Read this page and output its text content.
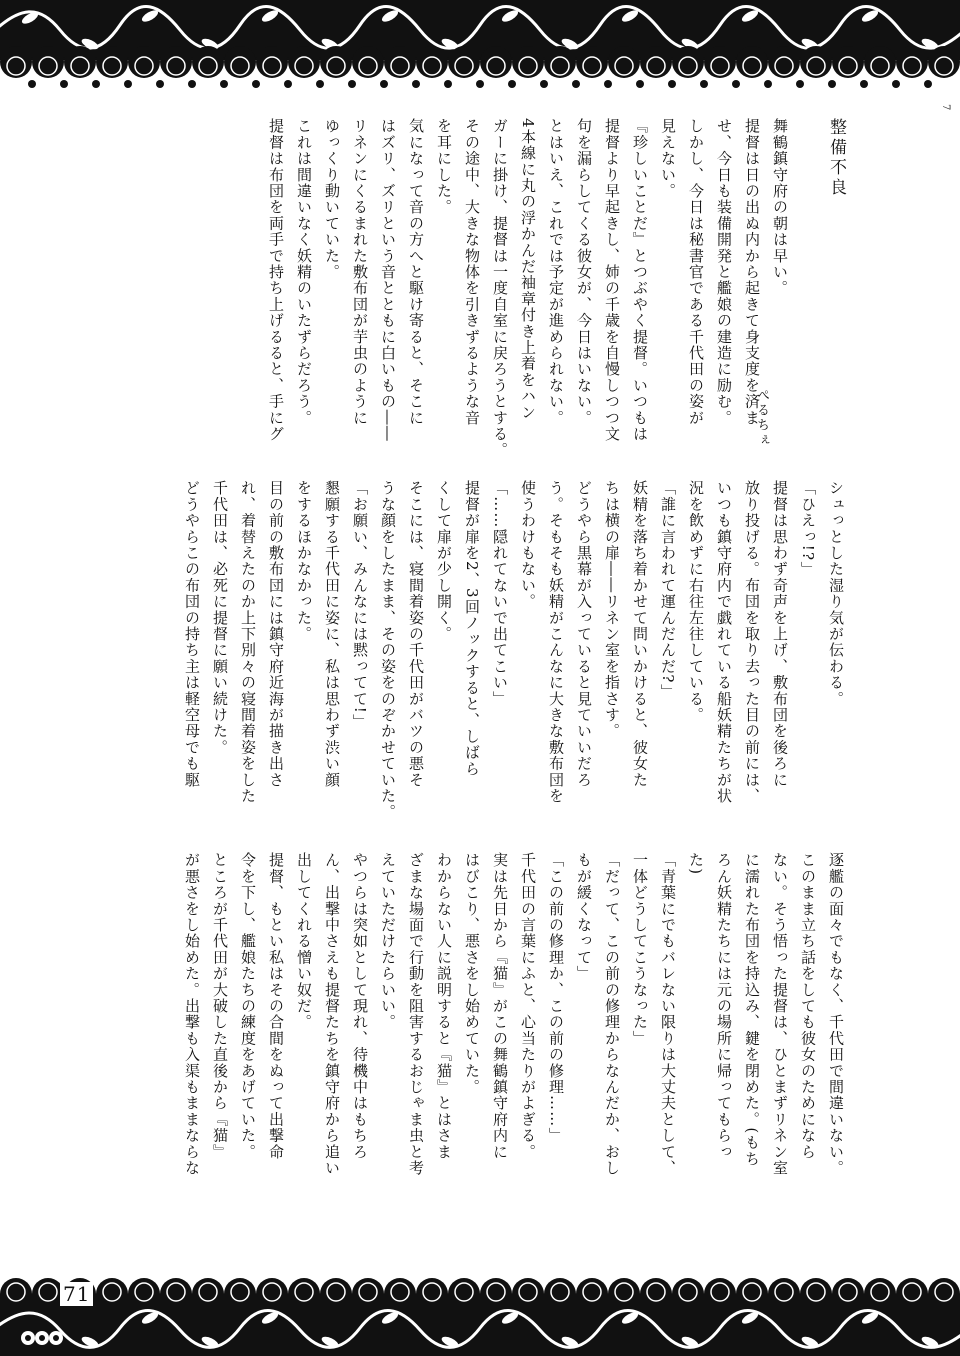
7

整備不良

舞鶴鎮守府の朝は早い。

提督は日の出ぬ内から起きて身支度を済ま

せ、今日も装備開発と艦娘の建造に励む。

しかし、今日は秘書官である千代田の姿が

見えない。

『珍しいことだ』とつぶやく提督。いつもは

提督より早起きし、姉の千歳を自慢しつつ文

句を漏らしてくる彼女が、今日はいない。

とはいえ、これでは予定が進められない。

4本線に丸の浮かんだ袖章付き上着をハン

ガーに掛け、提督は一度自室に戻ろうとする。

その途中、大きな物体を引きずるような音

を耳にした。

気になって音の方へと駆け寄ると、そこに

はズリ、ズリという音とともに白いもの――

リネンにくるまれた敷布団が芋虫のように

ゆっくり動いていた。

これは間違いなく妖精のいたずらだろう。

提督は布団を両手で持ち上げるると、手にグ	ぺるちぇ

シュっとした湿り気が伝わる。

「ひえっ!?」

提督は思わず奇声を上げ、敷布団を後ろに

放り投げる。布団を取り去った目の前には、

いつも鎮守府内で戯れている船妖精たちが状

況を飲めずに右往左往している。

「誰に言われて運んだんだ?」

妖精を落ち着かせて問いかけると、彼女た

ちは横の扉――リネン室を指さす。

どうやら黒幕が入っていると見ていいだろ

う。そもそも妖精がこんなに大きな敷布団を

使うわけもない。

「……隠れてないで出てこい」

提督が扉を2、3回ノックすると、しばら

くして扉が少し開く。

そこには、寝間着姿の千代田がバツの悪そ

うな顔をしたまま、その姿をのぞかせていた。

「お願い、みんなには黙ってて!」

懇願する千代田に姿に、私は思わず渋い顔

をするほかなかった。

目の前の敷布団には鎮守府近海が描き出さ

れ、着替えたのか上下別々の寝間着姿をした

千代田は、必死に提督に願い続けた。

どうやらこの布団の持ち主は軽空母でも駆

逐艦の面々でもなく、千代田で間違いない。

このまま立ち話をしても彼女のためになら

ない。そう悟った提督は、ひとまずリネン室

に濡れた布団を持込み、鍵を閉めた。(もち

ろん妖精たちには元の場所に帰ってもらっ

た)

「青葉にでもバレない限りは大丈夫として、

一体どうしてこうなった」

「だって、この前の修理からなんだか、おし

もが緩くなって」

「この前の修理か、この前の修理……」

千代田の言葉にふと、心当たりがよぎる。

実は先日から『猫』がこの舞鶴鎮守府内に

はびこり、悪さをし始めていた。

わからない人に説明すると『猫』とはさま

ざまな場面で行動を阻害するおじゃま虫と考

えていただけたらいい。

やつらは突如として現れ、待機中はもちろ

ん、出撃中さえも提督たちを鎮守府から追い

出してくれる憎い奴だ。

提督、もとい私はその合間をぬって出撃命

令を下し、艦娘たちの練度をあげていた。

ところが千代田が大破した直後から『猫』

が悪さをし始めた。出撃も入渠もままならな

71
